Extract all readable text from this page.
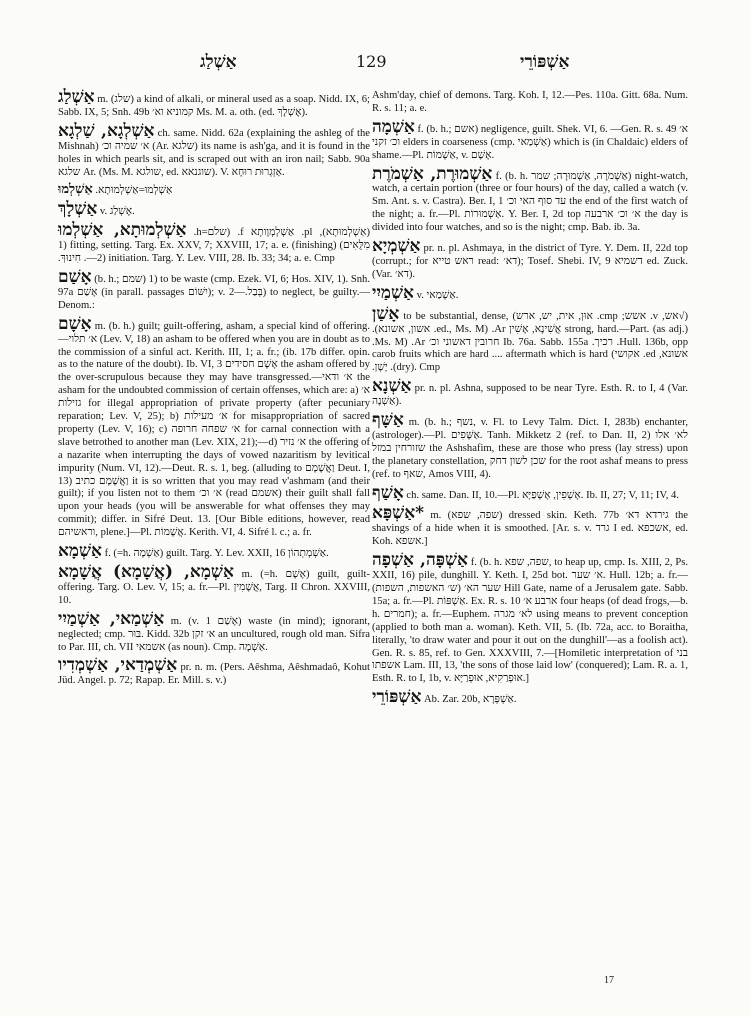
אַשְׁלַג	129	אַשְׁפּוֹרֵי

אַשְׁלַג m. (שלג) a kind of alkali, or mineral used as a soap. Nidd. IX, 6; Sabb. IX, 5; Snh. 49b קמוניא וא׳ Ms. M. a. oth. (ed. אֶשְׁלָךְ).

אַשְׁלְגָא, שַׁלְגָא ch. same. Nidd. 62a (explaining the ashleg of the Mishnah) א׳ שמיה וכ׳ (Ar. שלגא) its name is ash'ga, and it is found in the holes in which pearls sit, and is scraped out with an iron nail; Sabb. 90a שלגא Ar. (Ms. M. שולגא, ed. שוגנאא). V. אַזְגְרוּת רוּחָא.

אַשְׁלְמוּ אַשְׁלְמוּ=אַשְׁלְמוּתָא.

אַשְׁלָךְ v. אֶשְׁלַג.

אַשְׁלְמוּתָא, אַשְׁלְמוּ (אַשְׁלְמוּתָא), pl. אַשְׁלְמְוָותָא f. (שלם=h. מִלֻּאִים) (finishing) 1) fitting, setting. Targ. Ex. XXV, 7; XXVIII, 17; a. e.—2) initiation. Targ. Y. Lev. VIII, 28. Ib. 33; 34; a. e. Cmp. חִינוּךְ.

אָשַׁם (b. h.; שמם) 1) to be waste (cmp. Ezek. VI, 6; Hos. XIV, 1). Snh. 97a אָשַׁם (in parall. passages יִשּׁוֹם); v. בְּבַל.—2) to neglect, be guilty.—Denom.:

אָשָׁם m. (b. h.) guilt; guilt-offering, asham, a special kind of offering.—א׳ תלוי (Lev. V, 18) an asham to be offered when you are in doubt as to the commission of a sinful act. Kerith. III, 1; a. fr.; (ib. 17b differ. opin. as to the nature of the doubt). Ib. VI, 3 אָשָׁם חסידים the asham offered by the over-scrupulous because they may have transgressed.—א׳ ודאי the asham for the undoubted commission of certain offenses, which are: a) א׳ גזילות for illegal appropriation of private property (after pecuniary reparation; Lev. V, 25); b) א׳ מעילות for misappropriation of sacred property (Lev. V, 16); c) א׳ שפחה חרופה for carnal connection with a slave betrothed to another man (Lev. XIX, 21);—d) א׳ נזיר the offering of a nazarite when interrupting the days of vowed nazaritism by levitical impurity (Num. VI, 12).—Deut. R. s. 1, beg. (alluding to וַאֲשָׁמָם Deut. I, 13) וַאֲשָׁמָם כתיב it is so written that you may read v'ashmam (and their guilt); if you listen not to them א׳ וכ׳ (read אשמם) their guilt shall fall upon your heads (you will be answerable for what offenses they may commit); differ. in Sifré Deut. 13. [Our Bible editions, however, read וראשיהם, plene.]—Pl. אֲשָׁמוֹת. Kerith. VI, 4. Sifré l. c.; a. fr.

אַשְׁמָא f. (=h. אַשְׁמָה) guilt. Targ. Y. Lev. XXII, 16 אַשְׁמְתְהוֹן.

אַשְׁמָא, (אֲשָׁמָא) אֲשָׁמָא m. (=h. אָשָׁם) guilt, guilt-offering. Targ. O. Lev. V, 15; a. fr.—Pl. אֲשָׁמִין, Targ. II Chron. XXVIII, 10.

אַשְׁמַאי, אַשְׁמַיִי m. (v. אָשַׁם 1) waste (in mind); ignorant, neglected; cmp. בּוּר. Kidd. 32b א׳ זקן an uncultured, rough old man. Sifra to Par. III, ch. VII אשמאי (as noun). Cmp. אַשְׁמָה.

אַשְׁמְדַאי, אַשְׁמְדִיו pr. n. m. (Pers. Aêshma, Aêshmadaô, Kohut Jüd. Angel. p. 72; Rapap. Er. Mill. s. v.)

Ashm'day, chief of demons. Targ. Koh. I, 12.—Pes. 110a. Gitt. 68a. Num. R. s. 11; a. e.

אַשְׁמָה f. (b. h.; אשם) negligence, guilt. Shek. VI, 6. —Gen. R. s. 49 א׳ וכ׳ זקני elders in coarseness (cmp. אַשְׁמַאי) which is (in Chaldaic) elders of shame.—Pl. אַשְׁמוֹת, v. אָשָׁם.

אַשְׁמוּרֶת, אַשְׁמֹרֶת f. (b. h. אַשְׁמֹרָה, אַשְׁמוּרָה; שמר) night-watch, watch, a certain portion (three or four hours) of the day, called a watch (v. Sm. Ant. s. v. Castra). Ber. I, 1 עד סוף האי וכ׳ the end of the first watch of the night; a. fr.—Pl. אַשְׁמוּרוֹת. Y. Ber. I, 2d top א׳ וכ׳ ארבעה the day is divided into four watches, and so is the night; cmp. Bab. ib. 3a.

אַשְׁמְיָא pr. n. pl. Ashmaya, in the district of Tyre. Y. Dem. II, 22d top (corrupt.; for ראש טייא read: דא׳); Tosef. Shebi. IV, 9 דשמיא ed. Zuck. (Var. דא׳).

אַשְׁמַיִי v. אַשְׁמַאי.

אָשַׁן (√אש, v. אשש; cmp. אוּן, אית, יש, ארש) to be substantial, dense, strong, hard.—Part. (as adj.) אֲשִׁינָא, אָשִׁין Ar. (ed., Ms. M. אשון, אשונא). Hull. 136b, opp. רכיך. Ib. 76a. Sabb. 155a חרובין דאשוני וכ׳ Ar. (Ms. M. אשונא, ed. אקושי) carob fruits which are hard .... aftermath which is hard (dry). Cmp. יָשָׁן.

אַשְׁנָא pr. n. pl. Ashna, supposed to be near Tyre. Esth. R. to I, 4 (Var. אַשְׁנָה).

אַשָּׁף m. (b. h.; נשף, v. Fl. to Levy Talm. Dict. I, 283b) enchanter, (astrologer).—Pl. אַשָּׁפִים. Tanh. Mikketz 2 (ref. to Dan. II, 2) לא׳ אלו שזורחין במזל the Ashshafim, these are those who press (lay stress) upon the planetary constellation, שכן לשון דחק for the root ashaf means to press (ref. to שאף, Amos VIII, 4).

אָשַׁף ch. same. Dan. II, 10.—Pl. אָשְׁפִין, אָשְׁפַיָּא. Ib. II, 27; V, 11; IV, 4.

*אַשְׁפָּא m. (שפה, שפא) dressed skin. Keth. 77b גירדא דא׳ the shavings of a hide when it is smoothed. [Ar. s. v. גרד I ed. אשכפא, ed. Koh. אשפא.]

אַשְׁפָּה, אַשְׁפָה f. (b. h. שפה, שפא, to heap up, cmp. Is. XIII, 2, Ps. XXII, 16) pile, dunghill. Y. Keth. I, 25d bot. א׳ שער. Hull. 12b; a. fr.—שער הא׳ (ש׳ האשפות, השפות) Hill Gate, name of a Jerusalem gate. Sabb. 15a; a. fr.—Pl. אַשְׁפּוֹת. Ex. R. s. 10 ארבע א׳ four heaps (of dead frogs,—b. h. חמרים); a. fr.—Euphem. לא׳ מגרה using means to prevent conception (applied to both man a. woman). Keth. VII, 5. (Ib. 72a, acc. to Boraitha, literally, 'to draw water and pour it out on the dunghill'—as a foolish act). Gen. R. s. 85, ref. to Gen. XXXVIII, 7.—[Homiletic interpretation of בני אשפתו Lam. III, 13, 'the sons of those laid low' (conquered); Lam. R. a. 1, Esth. R. to I, 1b, v. אוּפְרַקִיא, אוּפְרַיָּא.]

אַשְׁפּוֹרֵי Ab. Zar. 20b, אַשְׁפְּרָא.

17
